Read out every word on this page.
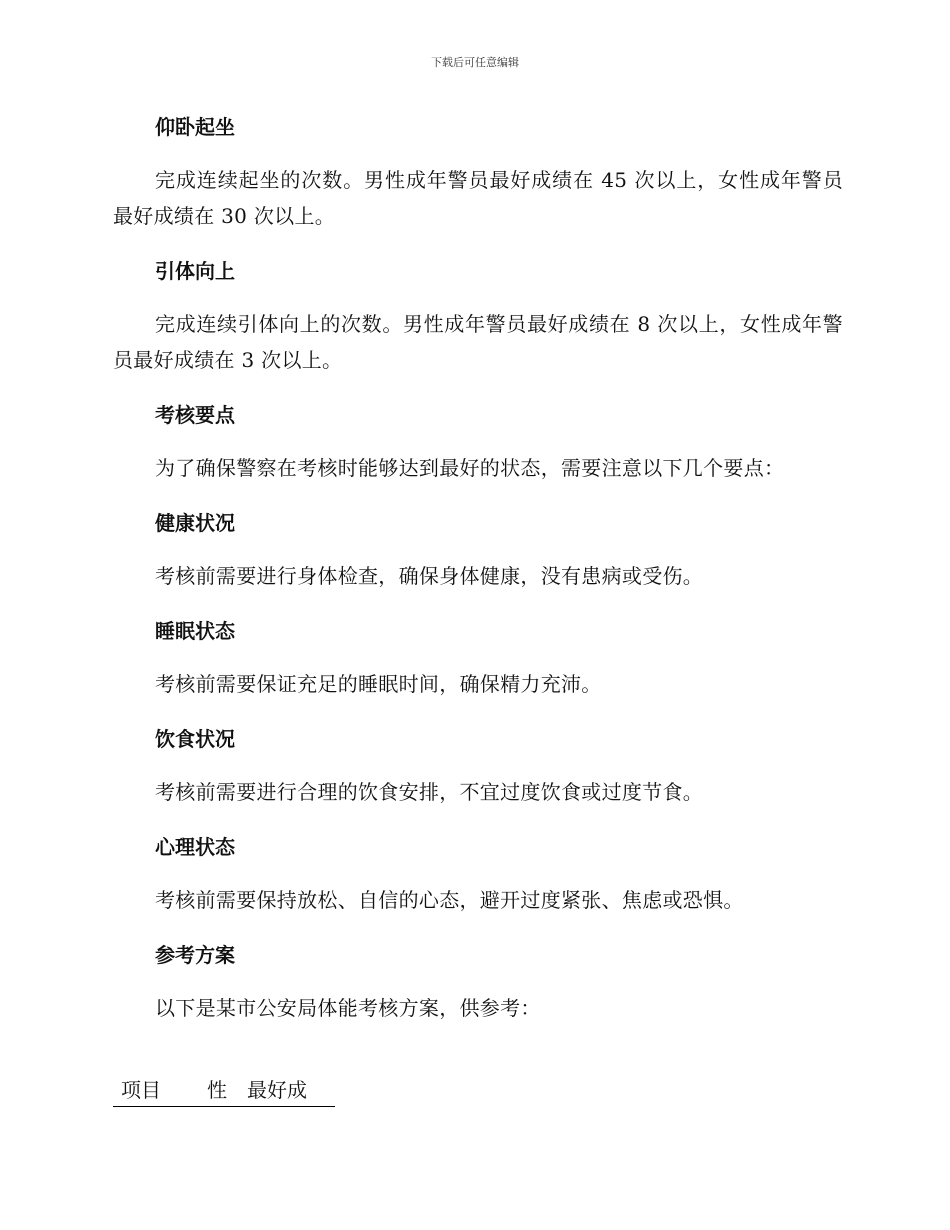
下载后可任意编辑
仰卧起坐
完成连续起坐的次数。男性成年警员最好成绩在 45 次以上，女性成年警员最好成绩在 30 次以上。
引体向上
完成连续引体向上的次数。男性成年警员最好成绩在 8 次以上，女性成年警员最好成绩在 3 次以上。
考核要点
为了确保警察在考核时能够达到最好的状态，需要注意以下几个要点：
健康状况
考核前需要进行身体检查，确保身体健康，没有患病或受伤。
睡眠状态
考核前需要保证充足的睡眠时间，确保精力充沛。
饮食状况
考核前需要进行合理的饮食安排，不宜过度饮食或过度节食。
心理状态
考核前需要保持放松、自信的心态，避开过度紧张、焦虑或恐惧。
参考方案
以下是某市公安局体能考核方案，供参考：
项目 性 最好成
